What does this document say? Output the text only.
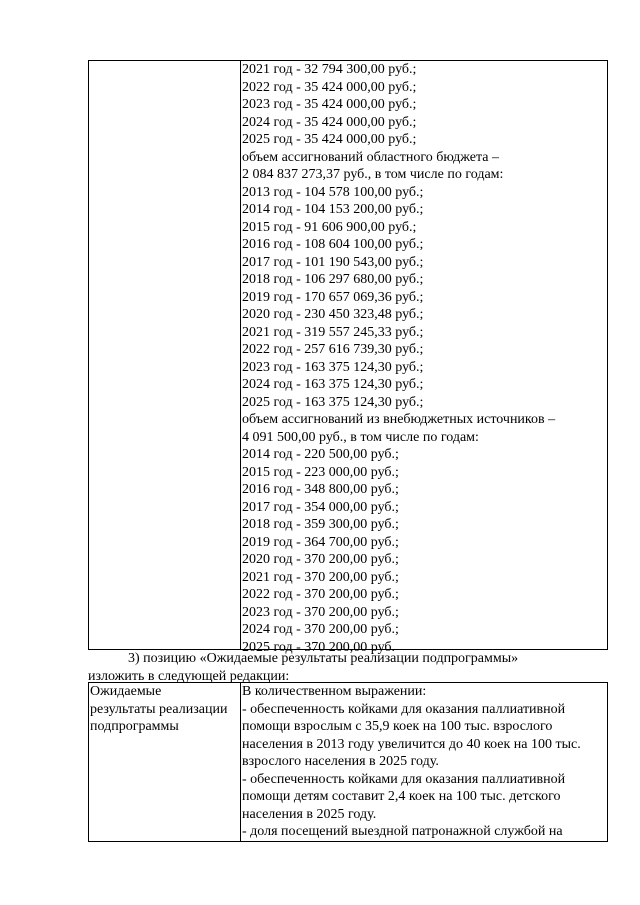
2021 год - 32 794 300,00 руб.;
2022 год - 35 424 000,00 руб.;
2023 год - 35 424 000,00 руб.;
2024 год - 35 424 000,00 руб.;
2025 год - 35 424 000,00 руб.;
объем ассигнований областного бюджета –
2 084 837 273,37 руб., в том числе по годам:
2013 год - 104 578 100,00 руб.;
2014 год - 104 153 200,00 руб.;
2015 год - 91 606 900,00 руб.;
2016 год - 108 604 100,00 руб.;
2017 год - 101 190 543,00 руб.;
2018 год - 106 297 680,00 руб.;
2019 год - 170 657 069,36 руб.;
2020 год - 230 450 323,48 руб.;
2021 год - 319 557 245,33 руб.;
2022 год - 257 616 739,30 руб.;
2023 год - 163 375 124,30 руб.;
2024 год - 163 375 124,30 руб.;
2025 год - 163 375 124,30 руб.;
объем ассигнований из внебюджетных источников –
4 091 500,00 руб., в том числе по годам:
2014 год - 220 500,00 руб.;
2015 год - 223 000,00 руб.;
2016 год - 348 800,00 руб.;
2017 год - 354 000,00 руб.;
2018 год - 359 300,00 руб.;
2019 год - 364 700,00 руб.;
2020 год - 370 200,00 руб.;
2021 год - 370 200,00 руб.;
2022 год - 370 200,00 руб.;
2023 год - 370 200,00 руб.;
2024 год - 370 200,00 руб.;
2025 год - 370 200,00 руб.
3) позицию «Ожидаемые результаты реализации подпрограммы»
изложить в следующей редакции:
Ожидаемые
результаты реализации
подпрограммы
В количественном выражении:
- обеспеченность койками для оказания паллиативной
помощи взрослым с 35,9 коек на 100 тыс. взрослого
населения в 2013 году увеличится до 40 коек на 100 тыс.
взрослого населения в 2025 году.
- обеспеченность койками для оказания паллиативной
помощи детям составит 2,4 коек на 100 тыс. детского
населения в 2025 году.
- доля посещений выездной патронажной службой на
